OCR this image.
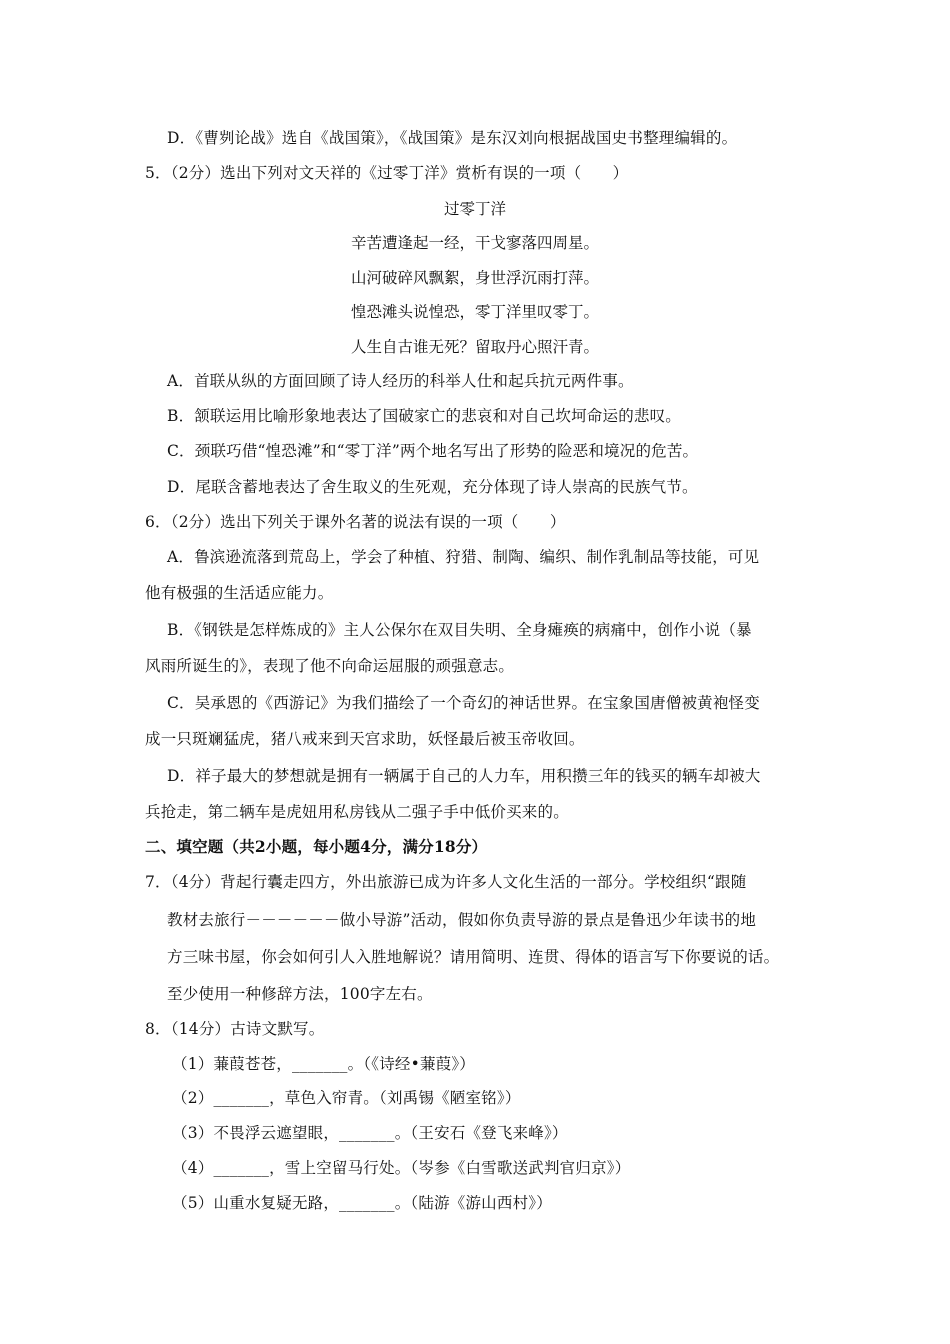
D．《曹刿论战》选自《战国策》，《战国策》是东汉刘向根据战国史书整理编辑的。
5．（2分）选出下列对文天祥的《过零丁洋》赏析有误的一项（　　）
过零丁洋
辛苦遭逢起一经，干戈寥落四周星。
山河破碎风飘絮，身世浮沉雨打萍。
惶恐滩头说惶恐，零丁洋里叹零丁。
人生自古谁无死？留取丹心照汗青。
A．首联从纵的方面回顾了诗人经历的科举人仕和起兵抗元两件事。
B．颔联运用比喻形象地表达了国破家亡的悲哀和对自己坎坷命运的悲叹。
C．颈联巧借“惶恐滩”和“零丁洋”两个地名写出了形势的险恶和境况的危苦。
D．尾联含蓄地表达了舍生取义的生死观，充分体现了诗人崇高的民族气节。
6．（2分）选出下列关于课外名著的说法有误的一项（　　）
A．鲁滨逊流落到荒岛上，学会了种植、狩猎、制陶、编织、制作乳制品等技能，可见
他有极强的生活适应能力。
B．《钢铁是怎样炼成的》主人公保尔在双目失明、全身瘫痪的病痛中，创作小说（暴
风雨所诞生的》，表现了他不向命运屈服的顽强意志。
C．吴承恩的《西游记》为我们描绘了一个奇幻的神话世界。在宝象国唐僧被黄袍怪变
成一只斑斓猛虎，猪八戒来到天宫求助，妖怪最后被玉帝收回。
D．祥子最大的梦想就是拥有一辆属于自己的人力车，用积攒三年的钱买的辆车却被大
兵抢走，第二辆车是虎妞用私房钱从二强子手中低价买来的。
二、填空题（共2小题，每小题4分，满分18分）
7．（4分）背起行囊走四方，外出旅游已成为许多人文化生活的一部分。学校组织“跟随
教材去旅行－－－－－－做小导游”活动，假如你负责导游的景点是鲁迅少年读书的地
方三味书屋，你会如何引人入胜地解说？请用简明、连贯、得体的语言写下你要说的话。
至少使用一种修辞方法，100字左右。
8．（14分）古诗文默写。
（1）蒹葭苍苍，_______。（《诗经•蒹葭》）
（2）_______，草色入帘青。（刘禹锡《陋室铭》）
（3）不畏浮云遮望眼，_______。（王安石《登飞来峰》）
（4）_______，雪上空留马行处。（岑参《白雪歌送武判官归京》）
（5）山重水复疑无路，_______。（陆游《游山西村》）
